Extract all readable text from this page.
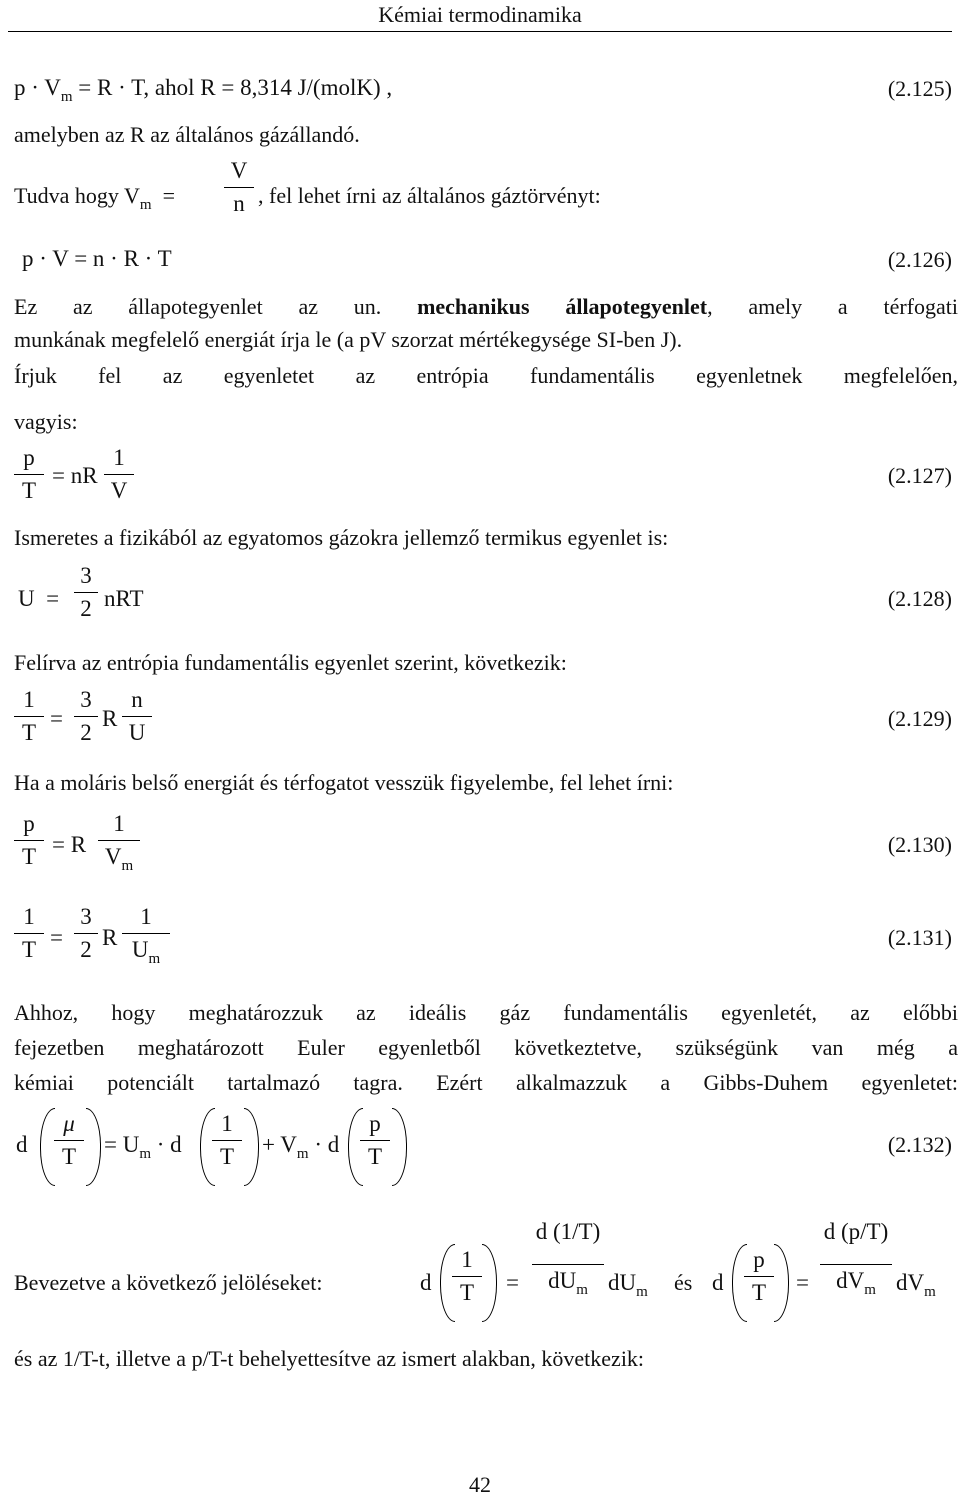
Kémiai termodinamika
$p \cdot V_m = R \cdot T$, ahol R = 8,314 J/(molK) ,	(2.125)
amelyben az R az általános gázállandó.
Tudva hogy $V_m$  =
V
n , fel lehet írni az általános gáztörvényt:
p · V = n · R · T	(2.126)
Ez az állapotegyenlet az un. mechanikus állapotegyenlet, amely a térfogati
munkának megfelelő energiát írja le (a pV szorzat mértékegysége SI-ben J).
Írjuk fel az egyenletet az entrópia fundamentális egyenletnek megfelelően,
vagyis:
p
T
= nR
1
V
(2.127)
Ismeretes a fizikából az egyatomos gázokra jellemző termikus egyenlet is:
U  =
3
2 nRT	(2.128)
Felírva az entrópia fundamentális egyenlet szerint, következik:
1
T
=
3
2
R
n
U
(2.129)
Ha a moláris belső energiát és térfogatot vesszük figyelembe, fel lehet írni:
p
T = R
1
$V_m$
(2.130)
1
T =
3
2 R
1
$U_m$
(2.131)
Ahhoz, hogy meghatározzuk az ideális gáz fundamentális egyenletét, az előbbi
fejezetben meghatározott Euler egyenletből következtetve, szükségünk van még a
kémiai potenciált tartalmazó tagra. Ezért alkalmazzuk a Gibbs-Duhem egyenletet:
d
μ
T	= $U_m \cdot d$
1
T	+ $V_m \cdot d$
p
T	(2.132)
Bevezetve a következő jelöléseket:	d
1
T	=
d (1/T)
$dU_m$ $dU_m$ és d
p
T	=
d (p/T)
$dV_m$ $dV_m$
és az 1/T-t, illetve a p/T-t behelyettesítve az ismert alakban, következik:
42
